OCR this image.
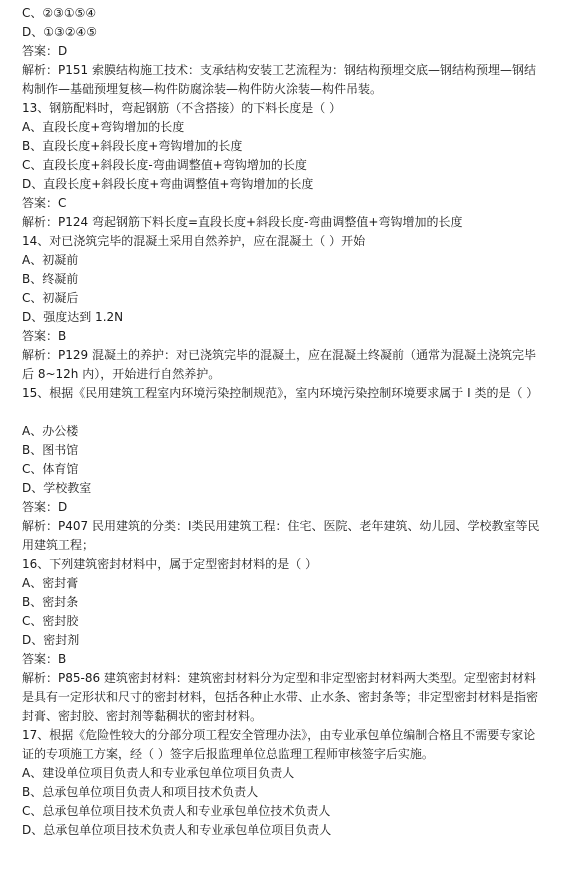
C、②③①⑤④
D、①③②④⑤
答案：D
解析：P151 索膜结构施工技术：支承结构安装工艺流程为：钢结构预埋交底—钢结构预埋—钢结构制作—基础预埋复核—构件防腐涂装—构件防火涂装—构件吊装。
13、钢筋配料时，弯起钢筋（不含搭接）的下料长度是（ ）
A、直段长度+弯钩增加的长度
B、直段长度+斜段长度+弯钩增加的长度
C、直段长度+斜段长度-弯曲调整值+弯钩增加的长度
D、直段长度+斜段长度+弯曲调整值+弯钩增加的长度
答案：C
解析：P124 弯起钢筋下料长度=直段长度+斜段长度-弯曲调整值+弯钩增加的长度
14、对已浇筑完毕的混凝土采用自然养护，应在混凝土（ ）开始
A、初凝前
B、终凝前
C、初凝后
D、强度达到 1.2N
答案：B
解析：P129 混凝土的养护：对已浇筑完毕的混凝土，应在混凝土终凝前（通常为混凝土浇筑完毕后 8~12h 内），开始进行自然养护。
15、根据《民用建筑工程室内环境污染控制规范》，室内环境污染控制环境要求属于 I 类的是（ ）
A、办公楼
B、图书馆
C、体育馆
D、学校教室
答案：D
解析：P407 民用建筑的分类：I类民用建筑工程：住宅、医院、老年建筑、幼儿园、学校教室等民用建筑工程；
16、下列建筑密封材料中，属于定型密封材料的是（ ）
A、密封膏
B、密封条
C、密封胶
D、密封剂
答案：B
解析：P85-86 建筑密封材料：建筑密封材料分为定型和非定型密封材料两大类型。定型密封材料是具有一定形状和尺寸的密封材料，包括各种止水带、止水条、密封条等；非定型密封材料是指密封膏、密封胶、密封剂等黏稠状的密封材料。
17、根据《危险性较大的分部分项工程安全管理办法》，由专业承包单位编制合格且不需要专家论证的专项施工方案，经（ ）签字后报监理单位总监理工程师审核签字后实施。
A、建设单位项目负责人和专业承包单位项目负责人
B、总承包单位项目负责人和项目技术负责人
C、总承包单位项目技术负责人和专业承包单位技术负责人
D、总承包单位项目技术负责人和专业承包单位项目负责人
